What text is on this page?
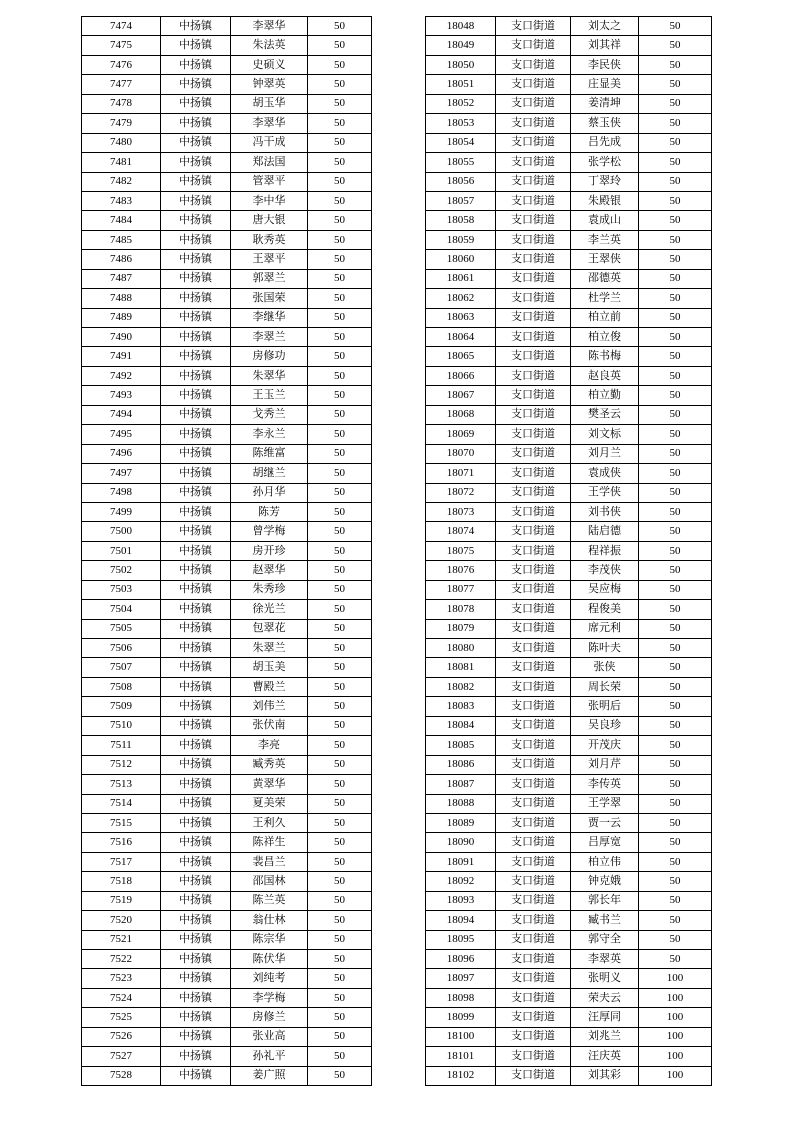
7474	中扬镇	李翠华	50
7475	中扬镇	朱法英	50
7476	中扬镇	史硕义	50
7477	中扬镇	钟翠英	50
7478	中扬镇	胡玉华	50
7479	中扬镇	李翠华	50
7480	中扬镇	冯干成	50
7481	中扬镇	郑法国	50
7482	中扬镇	管翠平	50
7483	中扬镇	李中华	50
7484	中扬镇	唐大银	50
7485	中扬镇	耿秀英	50
7486	中扬镇	王翠平	50
7487	中扬镇	郭翠兰	50
7488	中扬镇	张国荣	50
7489	中扬镇	李继华	50
7490	中扬镇	李翠兰	50
7491	中扬镇	房修功	50
7492	中扬镇	朱翠华	50
7493	中扬镇	王玉兰	50
7494	中扬镇	戈秀兰	50
7495	中扬镇	李永兰	50
7496	中扬镇	陈维富	50
7497	中扬镇	胡继兰	50
7498	中扬镇	孙月华	50
7499	中扬镇	陈芳	50
7500	中扬镇	曾学梅	50
7501	中扬镇	房开珍	50
7502	中扬镇	赵翠华	50
7503	中扬镇	朱秀珍	50
7504	中扬镇	徐光兰	50
7505	中扬镇	包翠花	50
7506	中扬镇	朱翠兰	50
7507	中扬镇	胡玉美	50
7508	中扬镇	曹殿兰	50
7509	中扬镇	刘伟兰	50
7510	中扬镇	张伏南	50
7511	中扬镇	李亮	50
7512	中扬镇	臧秀英	50
7513	中扬镇	黄翠华	50
7514	中扬镇	夏美荣	50
7515	中扬镇	王利久	50
7516	中扬镇	陈祥生	50
7517	中扬镇	裴昌兰	50
7518	中扬镇	邵国林	50
7519	中扬镇	陈兰英	50
7520	中扬镇	翁仕林	50
7521	中扬镇	陈宗华	50
7522	中扬镇	陈伏华	50
7523	中扬镇	刘纯考	50
7524	中扬镇	李学梅	50
7525	中扬镇	房修兰	50
7526	中扬镇	张业高	50
7527	中扬镇	孙礼平	50
7528	中扬镇	姜广照	50
18048	支口街道	刘太之	50
18049	支口街道	刘其祥	50
18050	支口街道	李民侠	50
18051	支口街道	庄显美	50
18052	支口街道	姜清坤	50
18053	支口街道	蔡玉侠	50
18054	支口街道	吕先成	50
18055	支口街道	张学松	50
18056	支口街道	丁翠玲	50
18057	支口街道	朱殿银	50
18058	支口街道	袁成山	50
18059	支口街道	李兰英	50
18060	支口街道	王翠侠	50
18061	支口街道	邵德英	50
18062	支口街道	杜学兰	50
18063	支口街道	柏立前	50
18064	支口街道	柏立俊	50
18065	支口街道	陈书梅	50
18066	支口街道	赵良英	50
18067	支口街道	柏立勤	50
18068	支口街道	樊圣云	50
18069	支口街道	刘文标	50
18070	支口街道	刘月兰	50
18071	支口街道	袁成侠	50
18072	支口街道	王学侠	50
18073	支口街道	刘书侠	50
18074	支口街道	陆启德	50
18075	支口街道	程祥振	50
18076	支口街道	李茂侠	50
18077	支口街道	吴应梅	50
18078	支口街道	程俊美	50
18079	支口街道	席元利	50
18080	支口街道	陈叶夫	50
18081	支口街道	张侠	50
18082	支口街道	周长荣	50
18083	支口街道	张明后	50
18084	支口街道	吴良珍	50
18085	支口街道	开茂庆	50
18086	支口街道	刘月芹	50
18087	支口街道	李传英	50
18088	支口街道	王学翠	50
18089	支口街道	贾一云	50
18090	支口街道	吕厚宽	50
18091	支口街道	柏立伟	50
18092	支口街道	钟克娥	50
18093	支口街道	郭长年	50
18094	支口街道	臧书兰	50
18095	支口街道	郭守全	50
18096	支口街道	李翠英	50
18097	支口街道	张明义	100
18098	支口街道	荣夫云	100
18099	支口街道	汪厚同	100
18100	支口街道	刘兆兰	100
18101	支口街道	汪庆英	100
18102	支口街道	刘其彩	100
